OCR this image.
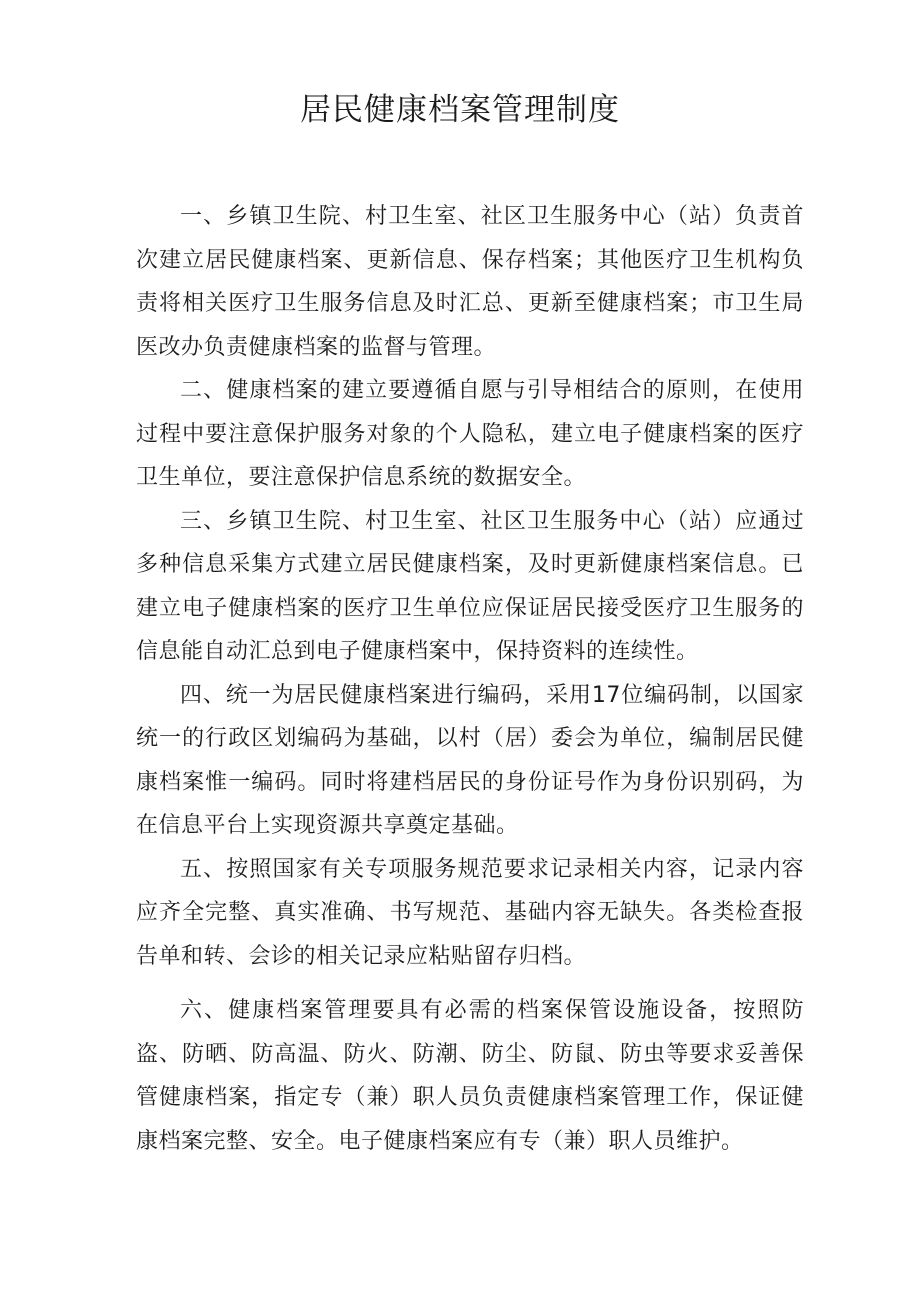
居民健康档案管理制度

一、乡镇卫生院、村卫生室、社区卫生服务中心（站）负责首次建立居民健康档案、更新信息、保存档案；其他医疗卫生机构负责将相关医疗卫生服务信息及时汇总、更新至健康档案；市卫生局医改办负责健康档案的监督与管理。

二、健康档案的建立要遵循自愿与引导相结合的原则，在使用过程中要注意保护服务对象的个人隐私，建立电子健康档案的医疗卫生单位，要注意保护信息系统的数据安全。

三、乡镇卫生院、村卫生室、社区卫生服务中心（站）应通过多种信息采集方式建立居民健康档案，及时更新健康档案信息。已建立电子健康档案的医疗卫生单位应保证居民接受医疗卫生服务的信息能自动汇总到电子健康档案中，保持资料的连续性。

四、统一为居民健康档案进行编码，采用17位编码制，以国家统一的行政区划编码为基础，以村（居）委会为单位，编制居民健康档案惟一编码。同时将建档居民的身份证号作为身份识别码，为在信息平台上实现资源共享奠定基础。

五、按照国家有关专项服务规范要求记录相关内容，记录内容应齐全完整、真实准确、书写规范、基础内容无缺失。各类检查报告单和转、会诊的相关记录应粘贴留存归档。

六、健康档案管理要具有必需的档案保管设施设备，按照防盗、防晒、防高温、防火、防潮、防尘、防鼠、防虫等要求妥善保管健康档案，指定专（兼）职人员负责健康档案管理工作，保证健康档案完整、安全。电子健康档案应有专（兼）职人员维护。
